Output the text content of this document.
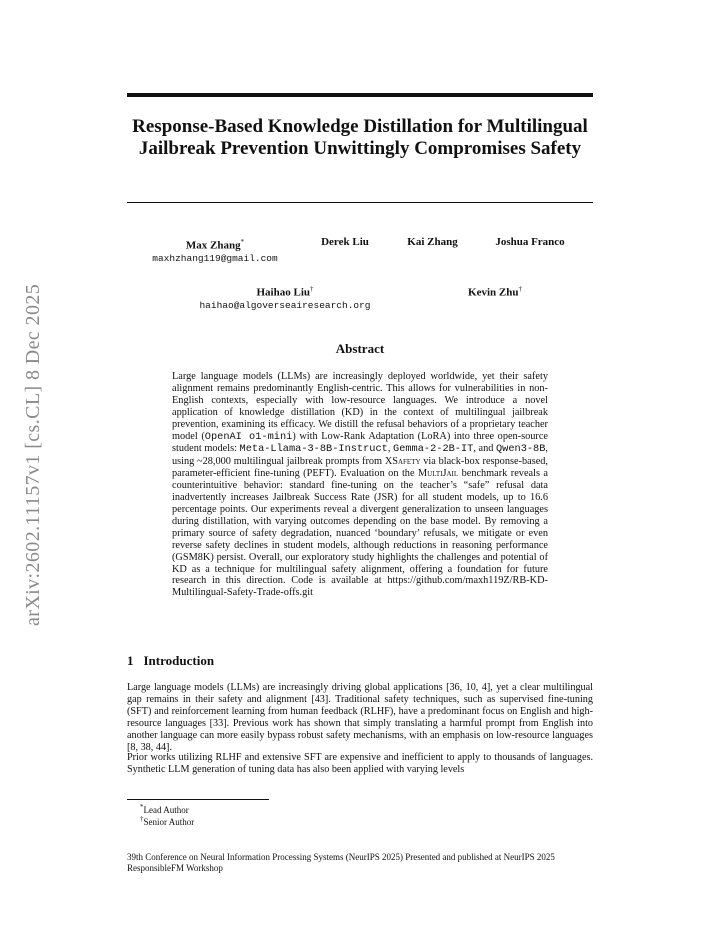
arXiv:2602.11157v1 [cs.CL] 8 Dec 2025
Response-Based Knowledge Distillation for Multilingual Jailbreak Prevention Unwittingly Compromises Safety
Max Zhang*
maxhzhang119@gmail.com
Derek Liu	Kai Zhang	Joshua Franco
Haihao Liu†
haihao@algoverseairesearch.org
Kevin Zhu†
Abstract
Large language models (LLMs) are increasingly deployed worldwide, yet their safety alignment remains predominantly English-centric. This allows for vulnerabilities in non-English contexts, especially with low-resource languages. We introduce a novel application of knowledge distillation (KD) in the context of multilingual jailbreak prevention, examining its efficacy. We distill the refusal behaviors of a proprietary teacher model (OpenAI o1-mini) with Low-Rank Adaptation (LoRA) into three open-source student models: Meta-Llama-3-8B-Instruct, Gemma-2-2B-IT, and Qwen3-8B, using ~28,000 multilingual jailbreak prompts from XSafety via black-box response-based, parameter-efficient fine-tuning (PEFT). Evaluation on the MultiJail benchmark reveals a counterintuitive behavior: standard fine-tuning on the teacher’s “safe” refusal data inadvertently increases Jailbreak Success Rate (JSR) for all student models, up to 16.6 percentage points. Our experiments reveal a divergent generalization to unseen languages during distillation, with varying outcomes depending on the base model. By removing a primary source of safety degradation, nuanced ‘boundary’ refusals, we mitigate or even reverse safety declines in student models, although reductions in reasoning performance (GSM8K) persist. Overall, our exploratory study highlights the challenges and potential of KD as a technique for multilingual safety alignment, offering a foundation for future research in this direction. Code is available at https://github.com/maxh119Z/RB-KD-Multilingual-Safety-Trade-offs.git
1 Introduction
Large language models (LLMs) are increasingly driving global applications [36, 10, 4], yet a clear multilingual gap remains in their safety and alignment [43]. Traditional safety techniques, such as supervised fine-tuning (SFT) and reinforcement learning from human feedback (RLHF), have a predominant focus on English and high-resource languages [33]. Previous work has shown that simply translating a harmful prompt from English into another language can more easily bypass robust safety mechanisms, with an emphasis on low-resource languages [8, 38, 44].
Prior works utilizing RLHF and extensive SFT are expensive and inefficient to apply to thousands of languages. Synthetic LLM generation of tuning data has also been applied with varying levels
*Lead Author
†Senior Author
39th Conference on Neural Information Processing Systems (NeurIPS 2025) Presented and published at NeurIPS 2025 ResponsibleFM Workshop
